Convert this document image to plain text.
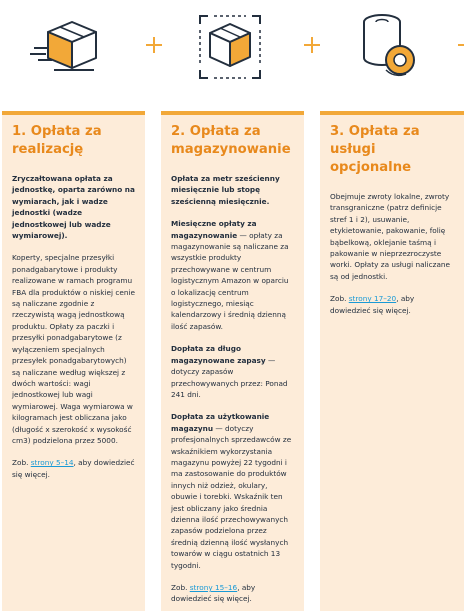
1. Opłata za realizację

Zryczałtowana opłata za jednostkę, oparta zarówno na wymiarach, jak i wadze jednostki (wadze jednostkowej lub wadze wymiarowej).

Koperty, specjalne przesyłki ponadgabarytowe i produkty realizowane w ramach programu FBA dla produktów o niskiej cenie są naliczane zgodnie z rzeczywistą wagą jednostkową produktu. Opłaty za paczki i przesyłki ponadgabarytowe (z wyłączeniem specjalnych przesyłek ponadgabarytowych) są naliczane według większej z dwóch wartości: wagi jednostkowej lub wagi wymiarowej. Waga wymiarowa w kilogramach jest obliczana jako (długość x szerokość x wysokość cm3) podzielona przez 5000.

Zob. strony 5–14, aby dowiedzieć się więcej.

2. Opłata za magazynowanie

Opłata za metr sześcienny miesięcznie lub stopę sześcienną miesięcznie.

Miesięczne opłaty za magazynowanie — opłaty za magazynowanie są naliczane za wszystkie produkty przechowywane w centrum logistycznym Amazon w oparciu o lokalizację centrum logistycznego, miesiąc kalendarzowy i średnią dzienną ilość zapasów.

Dopłata za długo magazynowane zapasy — dotyczy zapasów przechowywanych przez: Ponad 241 dni.

Dopłata za użytkowanie magazynu — dotyczy profesjonalnych sprzedawców ze wskaźnikiem wykorzystania magazynu powyżej 22 tygodni i ma zastosowanie do produktów innych niż odzież, okulary, obuwie i torebki. Wskaźnik ten jest obliczany jako średnia dzienna ilość przechowywanych zapasów podzielona przez średnią dzienną ilość wysłanych towarów w ciągu ostatnich 13 tygodni.

Zob. strony 15–16, aby dowiedzieć się więcej.

3. Opłata za usługi opcjonalne

Obejmuje zwroty lokalne, zwroty transgraniczne (patrz definicje stref 1 i 2), usuwanie, etykietowanie, pakowanie, folię bąbelkową, oklejanie taśmą i pakowanie w nieprzezroczyste worki. Opłaty za usługi naliczane są od jednostki.

Zob. strony 17–20, aby dowiedzieć się więcej.
